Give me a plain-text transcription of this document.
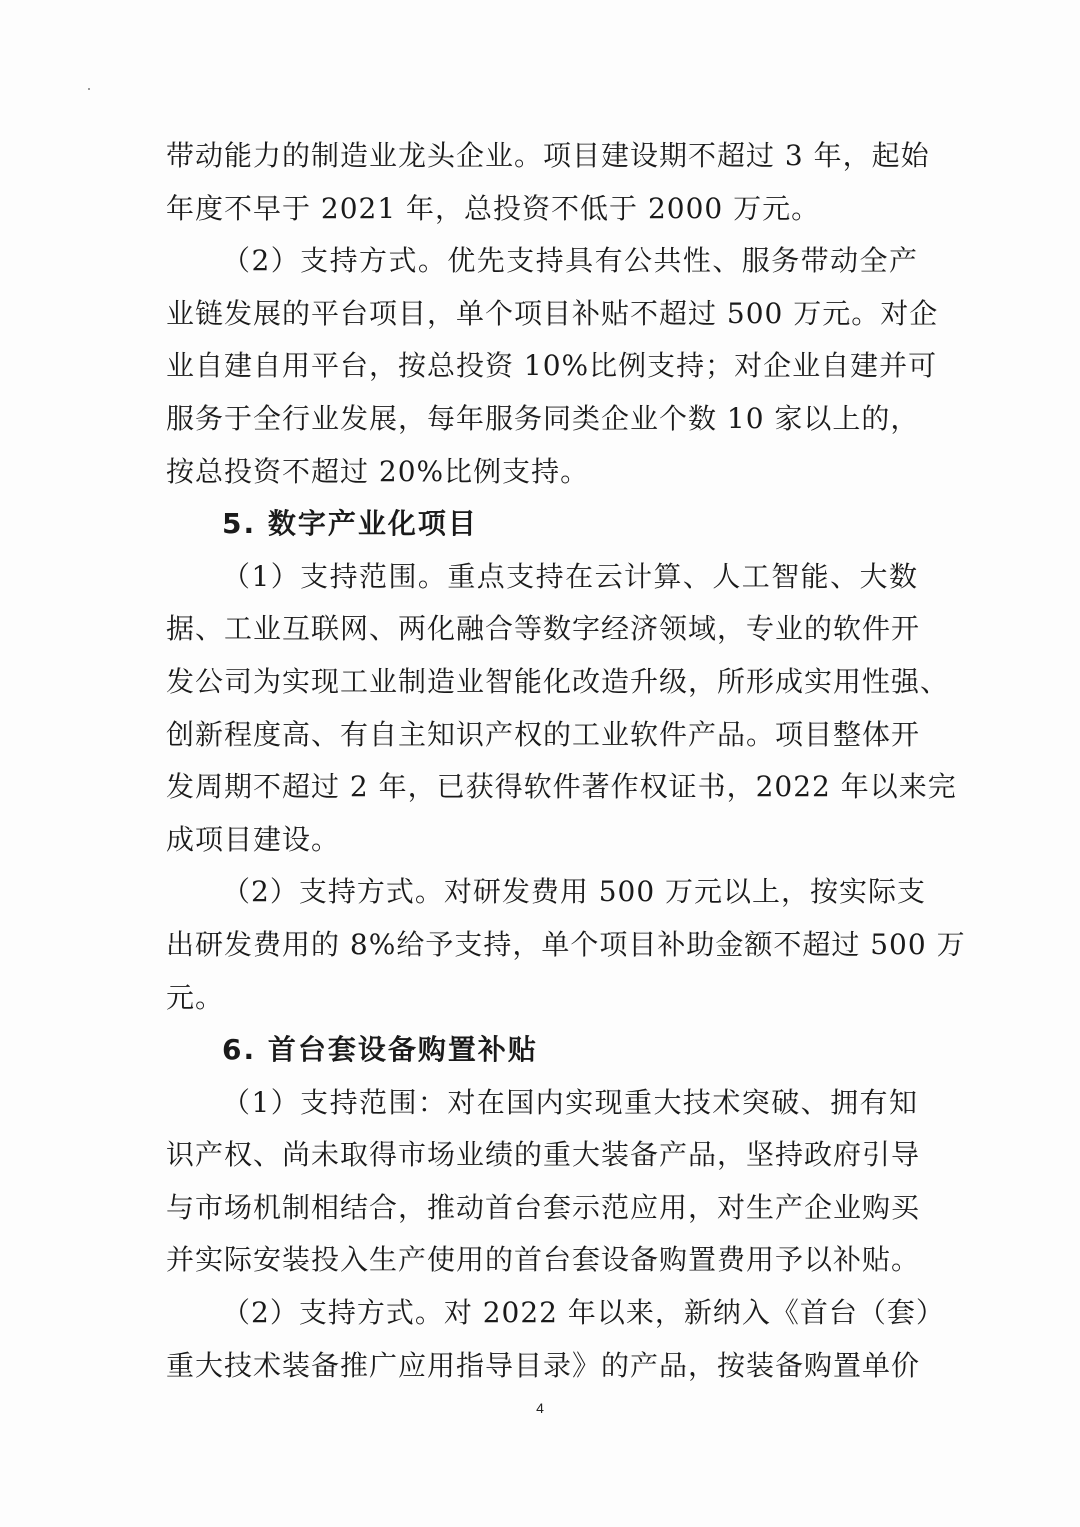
带动能力的制造业龙头企业。项目建设期不超过 3 年，起始
年度不早于 2021 年，总投资不低于 2000 万元。
（2）支持方式。优先支持具有公共性、服务带动全产
业链发展的平台项目，单个项目补贴不超过 500 万元。对企
业自建自用平台，按总投资 10%比例支持；对企业自建并可
服务于全行业发展，每年服务同类企业个数 10 家以上的，
按总投资不超过 20%比例支持。
5. 数字产业化项目
（1）支持范围。重点支持在云计算、人工智能、大数
据、工业互联网、两化融合等数字经济领域，专业的软件开
发公司为实现工业制造业智能化改造升级，所形成实用性强、
创新程度高、有自主知识产权的工业软件产品。项目整体开
发周期不超过 2 年，已获得软件著作权证书，2022 年以来完
成项目建设。
（2）支持方式。对研发费用 500 万元以上，按实际支
出研发费用的 8%给予支持，单个项目补助金额不超过 500 万
元。
6. 首台套设备购置补贴
（1）支持范围：对在国内实现重大技术突破、拥有知
识产权、尚未取得市场业绩的重大装备产品，坚持政府引导
与市场机制相结合，推动首台套示范应用，对生产企业购买
并实际安装投入生产使用的首台套设备购置费用予以补贴。
（2）支持方式。对 2022 年以来，新纳入《首台（套）
重大技术装备推广应用指导目录》的产品，按装备购置单价
4
